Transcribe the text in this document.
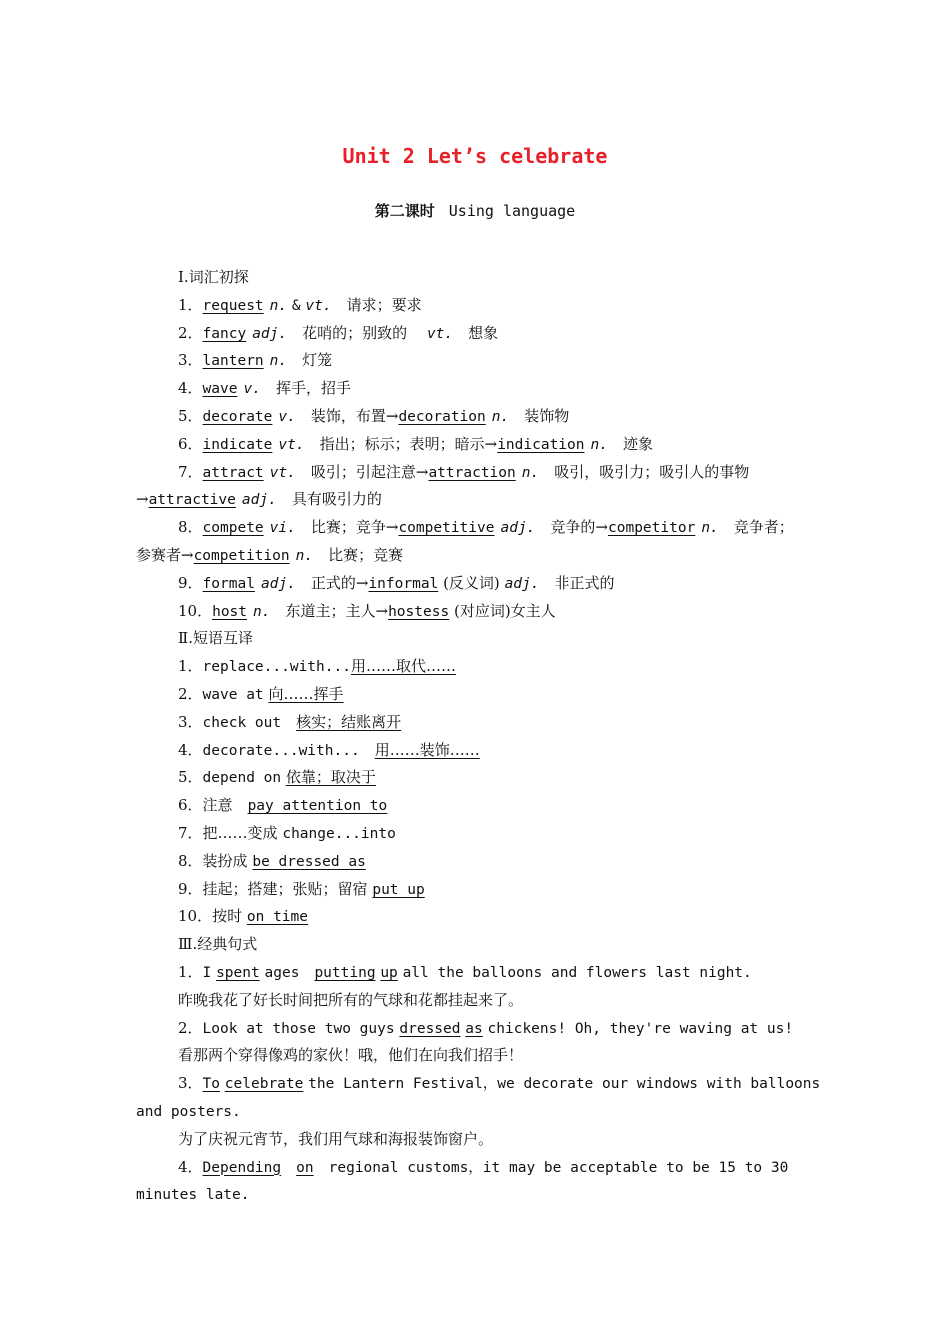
Unit 2 Let’s celebrate
第二课时 Using language
Ⅰ.词汇初探
1．request n. & vt.　 请求；要求
2．fancy adj.　 花哨的；别致的　 vt.　 想象
3．lantern n.　 灯笼
4．wave v.　 挥手，招手
5．decorate v.　 装饰，布置→decoration n.　 装饰物
6．indicate vt.　 指出；标示；表明；暗示→indication n.　 迹象
7．attract vt.　 吸引；引起注意→attraction n.　 吸引，吸引力；吸引人的事物
→attractive adj.　 具有吸引力的
8．compete vi.　 比赛；竞争→competitive adj.　 竞争的→competitor n.　 竞争者；
参赛者→competition n.　 比赛；竞赛
9．formal adj.　 正式的→informal (反义词) adj.　 非正式的
10．host n.　 东道主；主人→hostess (对应词)女主人
Ⅱ.短语互译
1．replace...with...用……取代……
2．wave at 向……挥手
3．check out　 核实；结账离开
4．decorate...with...　 用……装饰……
5．depend on 依靠；取决于
6．注意　 pay attention to
7．把……变成 change...into
8．装扮成 be dressed as
9．挂起；搭建；张贴；留宿 put up
10．按时 on time
Ⅲ.经典句式
1．I spent ages　 putting up all the balloons and flowers last night.
昨晚我花了好长时间把所有的气球和花都挂起来了。
2．Look at those two guys dressed as chickens! Oh, they're waving at us!
看那两个穿得像鸡的家伙！哦，他们在向我们招手！
3．To celebrate the Lantern Festival，we decorate our windows with balloons
and posters.
为了庆祝元宵节，我们用气球和海报装饰窗户。
4．Depending　 on　 regional customs，it may be acceptable to be 15 to 30
minutes late.
